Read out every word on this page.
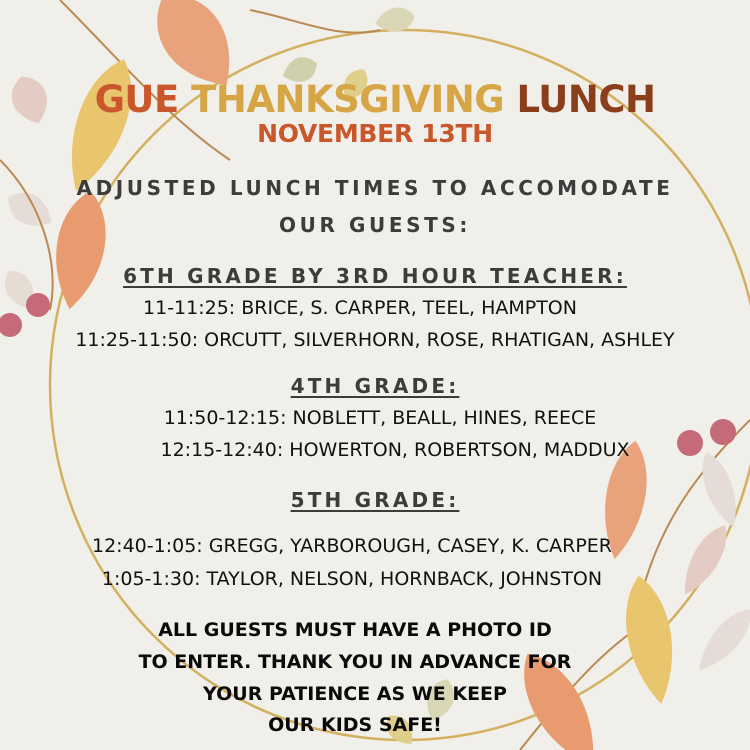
GUE THANKSGIVING LUNCH
NOVEMBER 13TH
ADJUSTED LUNCH TIMES TO ACCOMODATE
OUR GUESTS:
6TH GRADE BY 3RD HOUR TEACHER:
11-11:25: BRICE, S. CARPER, TEEL, HAMPTON
11:25-11:50: ORCUTT, SILVERHORN, ROSE, RHATIGAN, ASHLEY
4TH GRADE:
11:50-12:15: NOBLETT, BEALL, HINES, REECE
12:15-12:40: HOWERTON, ROBERTSON, MADDUX
5TH GRADE:
12:40-1:05: GREGG, YARBOROUGH, CASEY, K. CARPER
1:05-1:30: TAYLOR, NELSON, HORNBACK, JOHNSTON
ALL GUESTS MUST HAVE A PHOTO ID
TO ENTER. THANK YOU IN ADVANCE FOR
YOUR PATIENCE AS WE KEEP
OUR KIDS SAFE!
